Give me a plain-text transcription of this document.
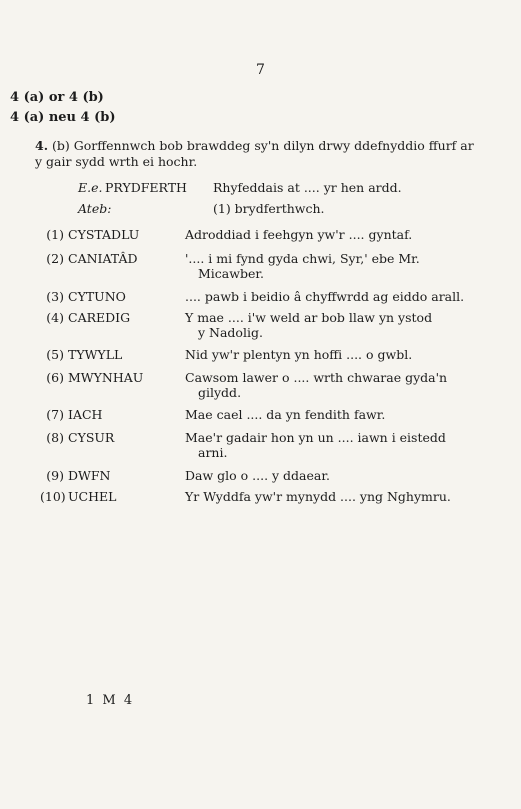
7
4 (a) or 4 (b)
4 (a) neu 4 (b)
4. (b) Gorffennwch bob brawddeg sy'n dilyn drwy ddefnyddio ffurf ar y gair sydd wrth ei hochr.
E.e. PRYDFERTH Rhyfeddais at .... yr hen ardd.
Ateb:	(1) brydferthwch.
(1) CYSTADLU	Adroddiad i feehgyn yw'r .... gyntaf.
(2) CANIATÂD	'.... i mi fynd gyda chwi, Syr,' ebe Mr.
Micawber.
(3) CYTUNO	.... pawb i beidio â chyffwrdd ag eiddo arall.
(4) CAREDIG	Y mae .... i'w weld ar bob llaw yn ystod
y Nadolig.
(5) TYWYLL	Nid yw'r plentyn yn hoffi .... o gwbl.
(6) MWYNHAU	Cawsom lawer o .... wrth chwarae gyda'n
gilydd.
(7) IACH	Mae cael .... da yn fendith fawr.
(8) CYSUR	Mae'r gadair hon yn un .... iawn i eistedd
arni.
(9) DWFN	Daw glo o .... y ddaear.
(10) UCHEL	Yr Wyddfa yw'r mynydd .... yng Nghymru.
1 M 4
